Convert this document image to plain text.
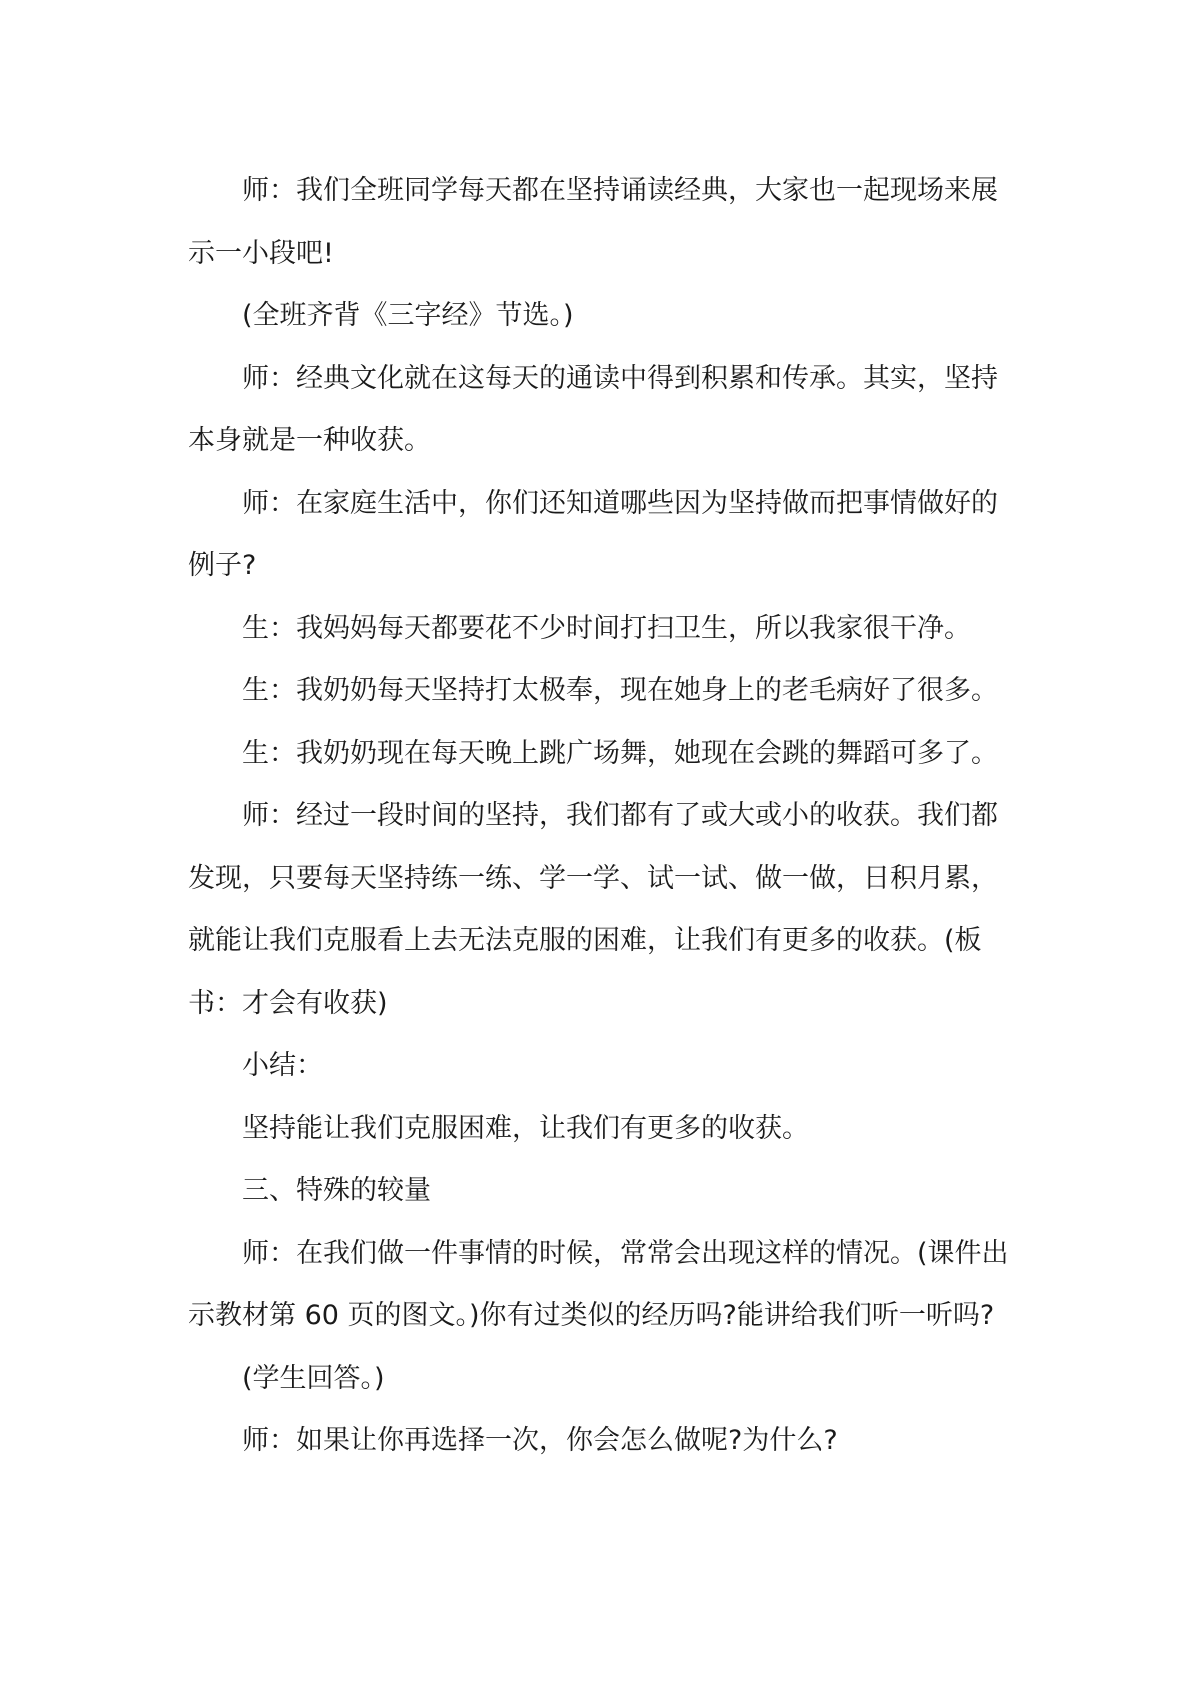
师：我们全班同学每天都在坚持诵读经典，大家也一起现场来展示一小段吧!

(全班齐背《三字经》节选。)

师：经典文化就在这每天的通读中得到积累和传承。其实，坚持本身就是一种收获。

师：在家庭生活中，你们还知道哪些因为坚持做而把事情做好的例子?

生：我妈妈每天都要花不少时间打扫卫生，所以我家很干净。

生：我奶奶每天坚持打太极奉，现在她身上的老毛病好了很多。

生：我奶奶现在每天晚上跳广场舞，她现在会跳的舞蹈可多了。

师：经过一段时间的坚持，我们都有了或大或小的收获。我们都发现，只要每天坚持练一练、学一学、试一试、做一做，日积月累，就能让我们克服看上去无法克服的困难，让我们有更多的收获。(板书：才会有收获)

小结：

坚持能让我们克服困难，让我们有更多的收获。

三、特殊的较量

师：在我们做一件事情的时候，常常会出现这样的情况。(课件出示教材第 60 页的图文。)你有过类似的经历吗?能讲给我们听一听吗?

(学生回答。)

师：如果让你再选择一次，你会怎么做呢?为什么?
